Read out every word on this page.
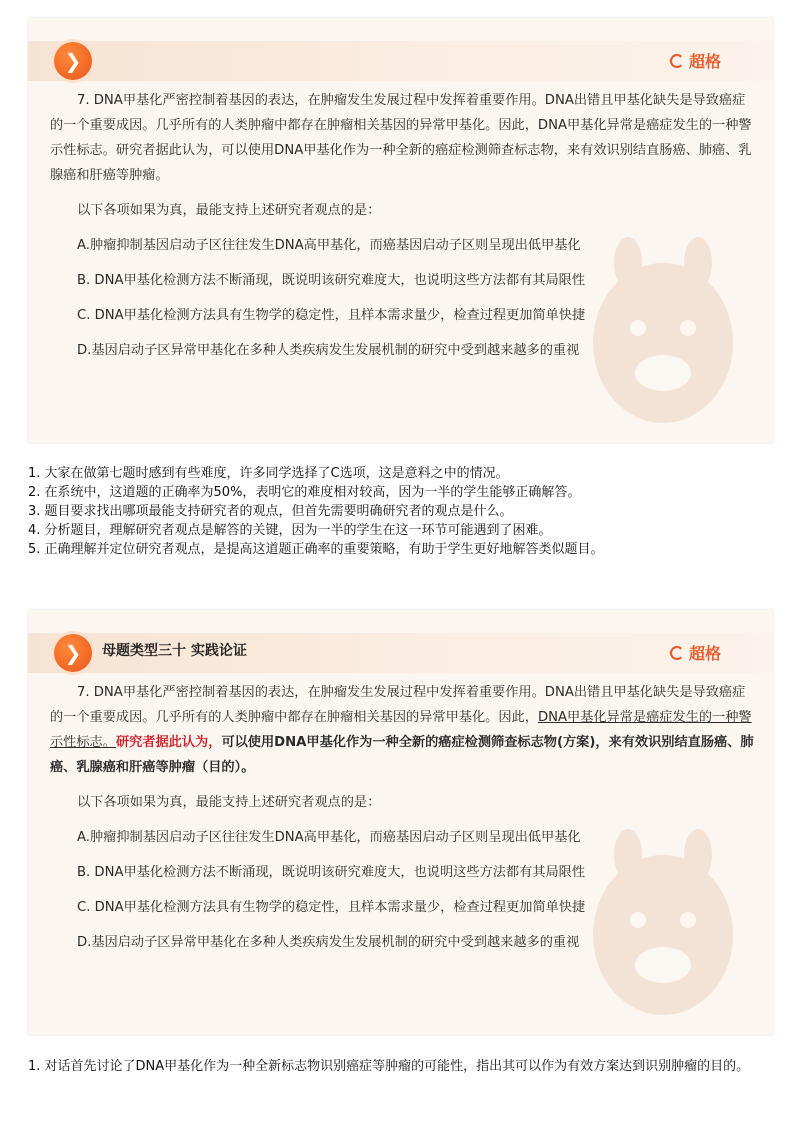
❯	超格

7. DNA甲基化严密控制着基因的表达，在肿瘤发生发展过程中发挥着重要作用。DNA出错且甲基化缺失是导致癌症的一个重要成因。几乎所有的人类肿瘤中都存在肿瘤相关基因的异常甲基化。因此，DNA甲基化异常是癌症发生的一种警示性标志。研究者据此认为，可以使用DNA甲基化作为一种全新的癌症检测筛查标志物，来有效识别结直肠癌、肺癌、乳腺癌和肝癌等肿瘤。

以下各项如果为真，最能支持上述研究者观点的是：
A.肿瘤抑制基因启动子区往往发生DNA高甲基化，而癌基因启动子区则呈现出低甲基化
B. DNA甲基化检测方法不断涌现，既说明该研究难度大，也说明这些方法都有其局限性
C. DNA甲基化检测方法具有生物学的稳定性，且样本需求量少，检查过程更加简单快捷
D.基因启动子区异常甲基化在多种人类疾病发生发展机制的研究中受到越来越多的重视

1. 大家在做第七题时感到有些难度，许多同学选择了C选项，这是意料之中的情况。

2. 在系统中，这道题的正确率为50%，表明它的难度相对较高，因为一半的学生能够正确解答。

3. 题目要求找出哪项最能支持研究者的观点，但首先需要明确研究者的观点是什么。

4. 分析题目，理解研究者观点是解答的关键，因为一半的学生在这一环节可能遇到了困难。

5. 正确理解并定位研究者观点，是提高这道题正确率的重要策略，有助于学生更好地解答类似题目。

❯	母题类型三十 实践论证	超格

7. DNA甲基化严密控制着基因的表达，在肿瘤发生发展过程中发挥着重要作用。DNA出错且甲基化缺失是导致癌症的一个重要成因。几乎所有的人类肿瘤中都存在肿瘤相关基因的异常甲基化。因此，DNA甲基化异常是癌症发生的一种警示性标志。研究者据此认为，可以使用DNA甲基化作为一种全新的癌症检测筛查标志物(方案)，来有效识别结直肠癌、肺癌、乳腺癌和肝癌等肿瘤（目的）。

以下各项如果为真，最能支持上述研究者观点的是：
A.肿瘤抑制基因启动子区往往发生DNA高甲基化，而癌基因启动子区则呈现出低甲基化
B. DNA甲基化检测方法不断涌现，既说明该研究难度大，也说明这些方法都有其局限性
C. DNA甲基化检测方法具有生物学的稳定性，且样本需求量少，检查过程更加简单快捷
D.基因启动子区异常甲基化在多种人类疾病发生发展机制的研究中受到越来越多的重视

1. 对话首先讨论了DNA甲基化作为一种全新标志物识别癌症等肿瘤的可能性，指出其可以作为有效方案达到识别肿瘤的目的。
